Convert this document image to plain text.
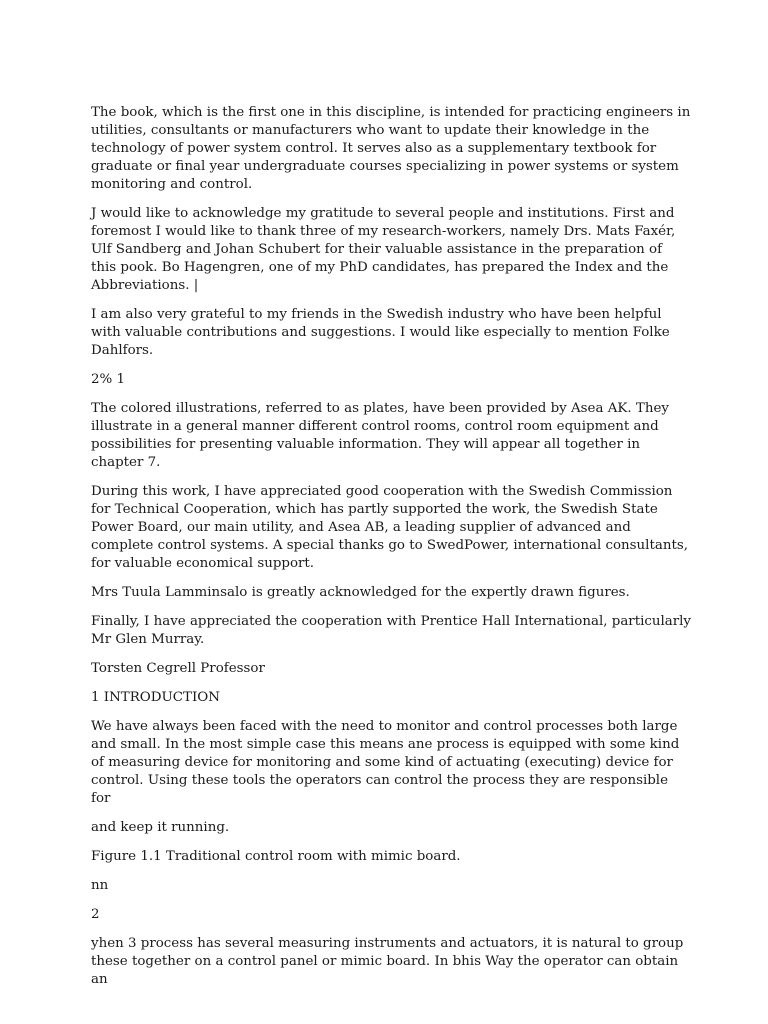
The book, which is the first one in this discipline, is intended for practicing engineers in utilities, consultants or manufacturers who want to update their knowledge in the technology of power system control. It serves also as a supplementary textbook for graduate or final year undergraduate courses specializing in power systems or system monitoring and control.

J would like to acknowledge my gratitude to several people and institutions. First and foremost I would like to thank three of my research-workers, namely Drs. Mats Faxér, Ulf Sandberg and Johan Schubert for their valuable assistance in the preparation of this pook. Bo Hagengren, one of my PhD candidates, has prepared the Index and the Abbreviations. |

I am also very grateful to my friends in the Swedish industry who have been helpful with valuable contributions and suggestions. I would like especially to mention Folke Dahlfors.

2% 1

The colored illustrations, referred to as plates, have been provided by Asea AK. They illustrate in a general manner different control rooms, control room equipment and possibilities for presenting valuable information. They will appear all together in chapter 7.

During this work, I have appreciated good cooperation with the Swedish Commission for Technical Cooperation, which has partly supported the work, the Swedish State Power Board, our main utility, and Asea AB, a leading supplier of advanced and complete control systems. A special thanks go to SwedPower, international consultants, for valuable economical support.

Mrs Tuula Lamminsalo is greatly acknowledged for the expertly drawn figures.

Finally, I have appreciated the cooperation with Prentice Hall International, particularly Mr Glen Murray.

Torsten Cegrell Professor

1 INTRODUCTION

We have always been faced with the need to monitor and control processes both large and small. In the most simple case this means ane process is equipped with some kind of measuring device for monitoring and some kind of actuating (executing) device for control. Using these tools the operators can control the process they are responsible for

and keep it running.

Figure 1.1 Traditional control room with mimic board.

nn

2

yhen 3 process has several measuring instruments and actuators, it is natural to group these together on a control panel or mimic board. In bhis Way the operator can obtain an
